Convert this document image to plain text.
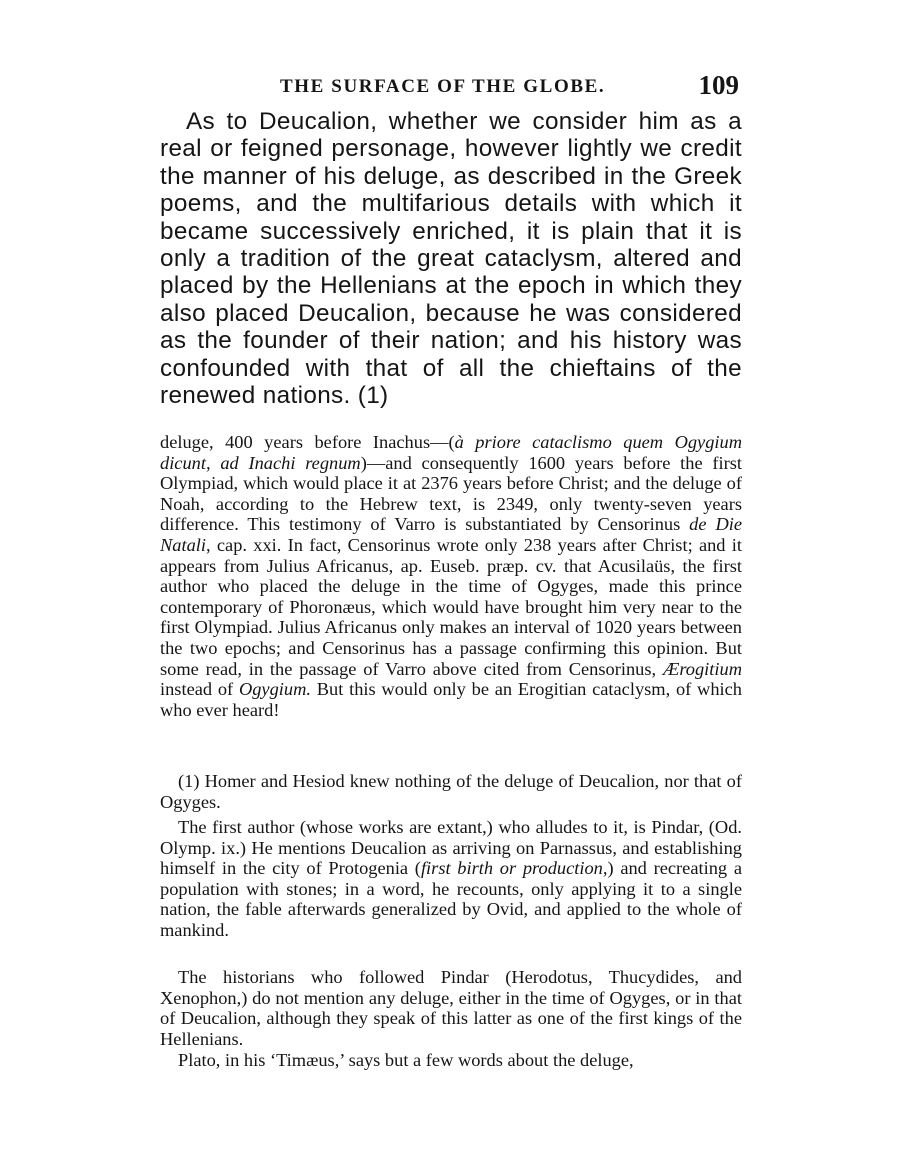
THE SURFACE OF THE GLOBE.	109

As to Deucalion, whether we consider him as a real or feigned personage, however lightly we credit the manner of his deluge, as described in the Greek poems, and the multifarious details with which it became successively enriched, it is plain that it is only a tradition of the great cataclysm, altered and placed by the Hellenians at the epoch in which they also placed Deucalion, because he was considered as the founder of their nation; and his history was confounded with that of all the chieftains of the renewed nations. (1)

deluge, 400 years before Inachus—(à priore cataclismo quem Ogygium dicunt, ad Inachi regnum)—and consequently 1600 years before the first Olympiad, which would place it at 2376 years before Christ; and the deluge of Noah, according to the Hebrew text, is 2349, only twenty-seven years difference. This testimony of Varro is substantiated by Censorinus de Die Natali, cap. xxi. In fact, Censorinus wrote only 238 years after Christ; and it appears from Julius Africanus, ap. Euseb. præp. cv. that Acusilaüs, the first author who placed the deluge in the time of Ogyges, made this prince contemporary of Phoronæus, which would have brought him very near to the first Olympiad. Julius Africanus only makes an interval of 1020 years between the two epochs; and Censorinus has a passage confirming this opinion. But some read, in the passage of Varro above cited from Censorinus, Ærogitium instead of Ogygium. But this would only be an Erogitian cataclysm, of which who ever heard!

(1) Homer and Hesiod knew nothing of the deluge of Deucalion, nor that of Ogyges.

The first author (whose works are extant,) who alludes to it, is Pindar, (Od. Olymp. ix.) He mentions Deucalion as arriving on Parnassus, and establishing himself in the city of Protogenia (first birth or production,) and recreating a population with stones; in a word, he recounts, only applying it to a single nation, the fable afterwards generalized by Ovid, and applied to the whole of mankind.

The historians who followed Pindar (Herodotus, Thucydides, and Xenophon,) do not mention any deluge, either in the time of Ogyges, or in that of Deucalion, although they speak of this latter as one of the first kings of the Hellenians.

Plato, in his ‘Timæus,’ says but a few words about the deluge,
